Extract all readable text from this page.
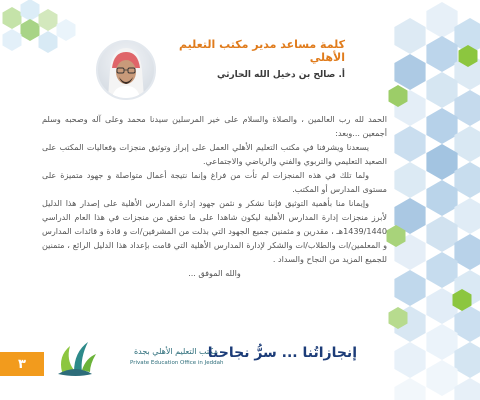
كلمة مساعد مدير مكتب التعليم الأهلي
أ. صالح بن دخيل الله الحارثي

الحمد لله رب العالمين ، والصلاة والسلام على خير المرسلين سيدنا محمد وعلى آله وصحبه وسلم أجمعين ...وبعد:

يسعدنا ويشرفنا في مكتب التعليم الأهلي العمل على إبراز وتوثيق منجزات وفعاليات المكتب على الصعيد التعليمي والتربوي والفني والرياضي والاجتماعي.

ولما تلك في هذه المنجزات لم تأت من فراغ وإنما نتيجة أعمال متواصلة و جهود متميزة على مستوى المدارس أو المكتب.

وإيمانا منا بأهمية التوثيق فإننا نشكر و نثمن جهود إدارة المدارس الأهلية على إصدار هذا الدليل لأبرز منجزات إدارة المدارس الأهلية ليكون شاهدا على ما تحقق من منجزات في هذا العام الدراسي 1439/1440هـ ، مقدرين و مثمنين جميع الجهود التي بذلت من المشرفين/ات و قادة و قائدات المدارس و المعلمين/ات والطلاب/ات والشكر لإدارة المدارس الأهلية التي قامت بإعداد هذا الدليل الرائع ، متمنين للجميع المزيد من النجاح والسداد .

والله الموفق ...

٣
مكتب التعليم الأهلي بجدة
Private Education Office in Jeddah
إنجازاتُنا ... سرُّ نجاحنا
